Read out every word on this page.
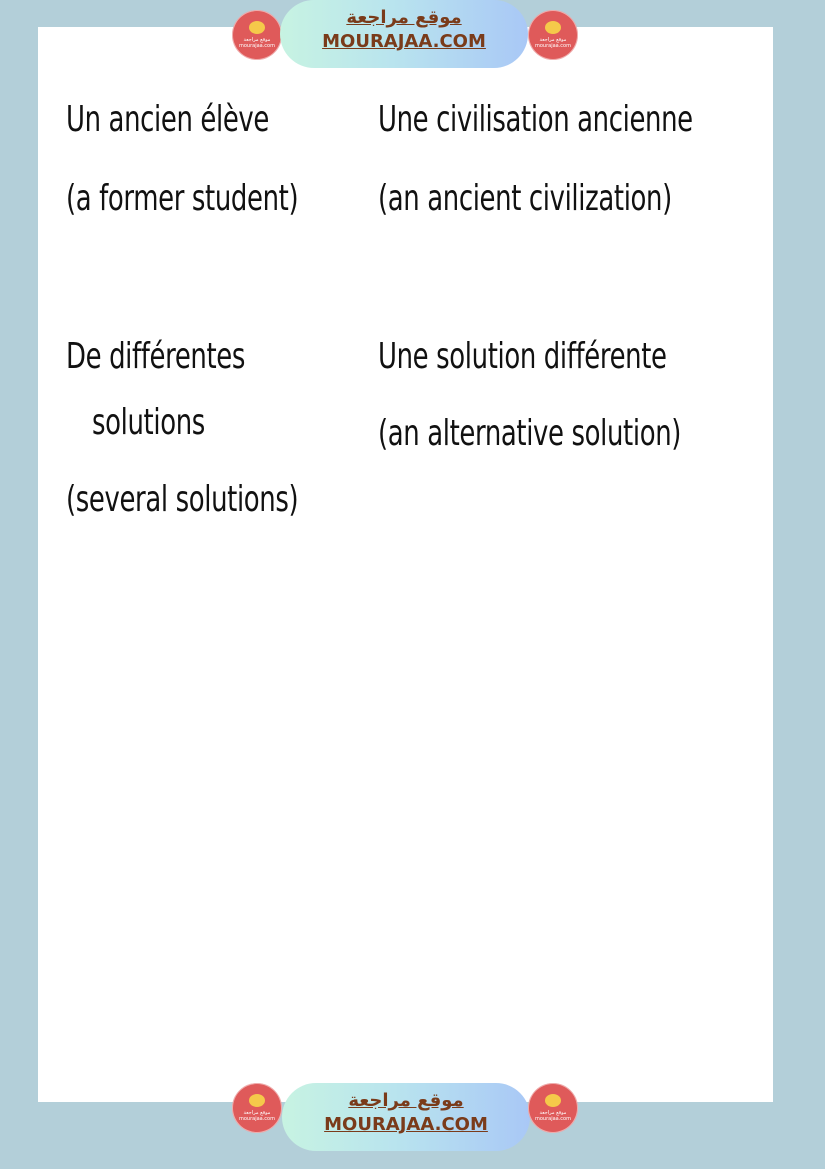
موقع مراجعة
mourajaa.com
موقع مراجعة
MOURAJAA.COM	موقع مراجعة
mourajaa.com
Un ancien élève
(a former student)
Une civilisation ancienne
(an ancient civilization)
De différentes
solutions
(several solutions)
Une solution différente
(an alternative solution)
موقع مراجعة
mourajaa.com
موقع مراجعة
MOURAJAA.COM
موقع مراجعة
mourajaa.com
